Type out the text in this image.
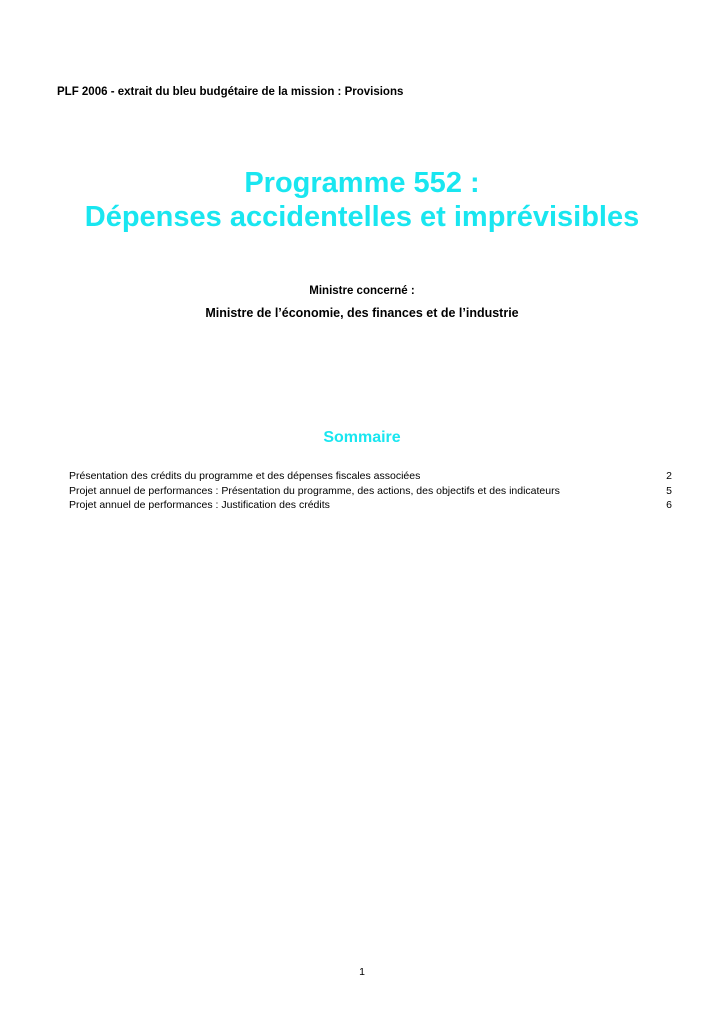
PLF 2006 - extrait du bleu budgétaire de la mission : Provisions
Programme 552 :
Dépenses accidentelles et imprévisibles
Ministre concerné :
Ministre de l’économie, des finances et de l’industrie
Sommaire
Présentation des crédits du programme et des dépenses fiscales associées	2
Projet annuel de performances : Présentation du programme, des actions, des objectifs et des indicateurs	5
Projet annuel de performances : Justification des crédits	6
1
